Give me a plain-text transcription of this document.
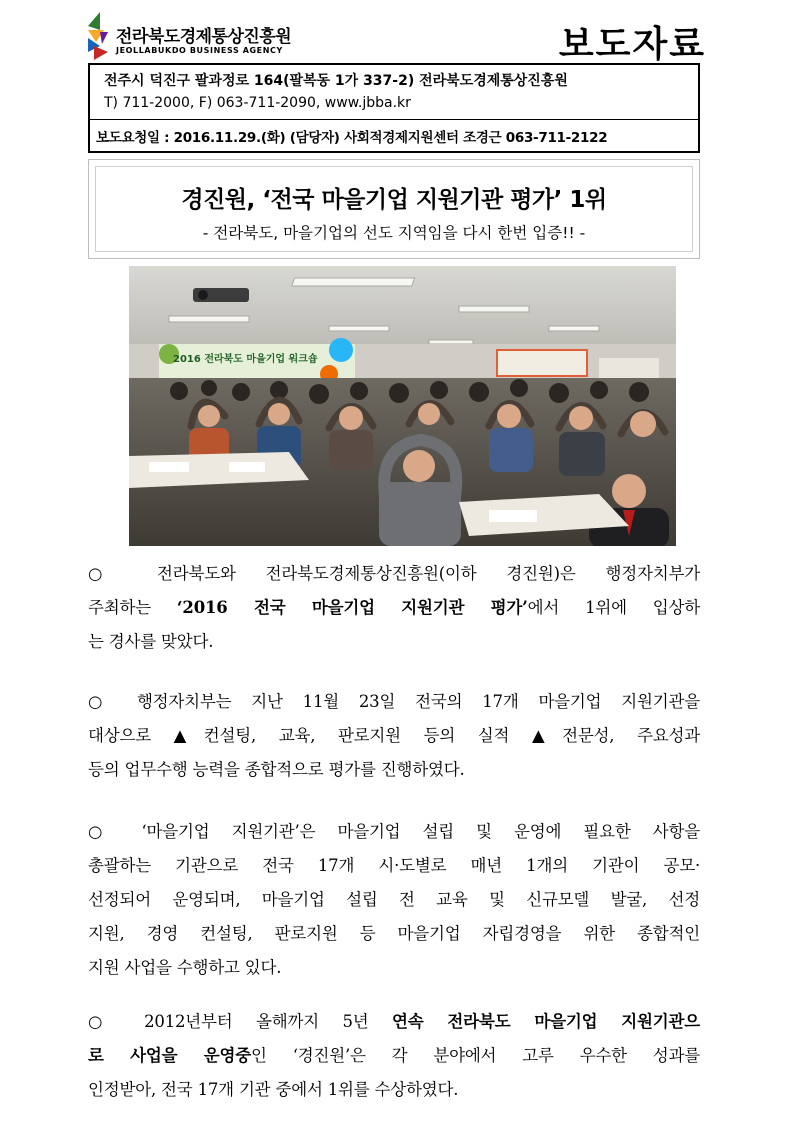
전라북도경제통상진흥원
JEOLLABUKDO BUSINESS AGENCY	보도자료
전주시 덕진구 팔과정로 164(팔복동 1가 337-2) 전라북도경제통상진흥원
T) 711-2000, F) 063-711-2090, www.jbba.kr
보도요청일 : 2016.11.29.(화) (담당자) 사회적경제지원센터 조경근 063-711-2122
경진원, ‘전국 마을기업 지원기관 평가’ 1위
- 전라북도, 마을기업의 선도 지역임을 다시 한번 입증!! -
2016 전라북도 마을기업 워크숍
○ 전라북도와 전라북도경제통상진흥원(이하 경진원)은 행정자치부가
주최하는 ‘2016 전국 마을기업 지원기관 평가’에서 1위에 입상하
는 경사를 맞았다.
○ 행정자치부는 지난 11월 23일 전국의 17개 마을기업 지원기관을
대상으로 ▲컨설팅, 교육, 판로지원 등의 실적 ▲전문성, 주요성과
등의 업무수행 능력을 종합적으로 평가를 진행하였다.
○ ‘마을기업 지원기관’은 마을기업 설립 및 운영에 필요한 사항을
총괄하는 기관으로 전국 17개 시·도별로 매년 1개의 기관이 공모·
선정되어 운영되며, 마을기업 설립 전 교육 및 신규모델 발굴, 선정
지원, 경영 컨설팅, 판로지원 등 마을기업 자립경영을 위한 종합적인
지원 사업을 수행하고 있다.
○ 2012년부터 올해까지 5년 연속 전라북도 마을기업 지원기관으
로 사업을 운영중인 ‘경진원’은 각 분야에서 고루 우수한 성과를
인정받아, 전국 17개 기관 중에서 1위를 수상하였다.
